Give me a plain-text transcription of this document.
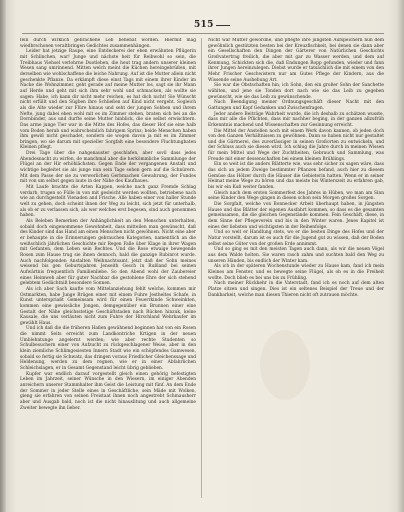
515

fein durch wirklich gebrachene Leb behebat worden. Hiermit mag wiedbrschonen veraltbringen Gedichtes zusammenhängen.

Leider hat jetzige Raupe, eine Entdeckerei der eben erwähnten Pflügerin mit Schlinchen, war! Junge und nächste heit für Reibwohl so sein, die Treibhaus Viehsel verlohrne Duotleben, die heut trag andern unserer kleinen Wesen sang umrinnend. Mitten welch meint die Küchen hereingebrüßen, mit derselben wie wohlschaffene die leiche Nahrung. Auf ist die Mutter allein nicht geschenkte Pflanze. Da erkämpft diese einst Tags mit einem ihrer Kinder im Nacke die Wohnzimmer, geht gerade auf meine Mutter los, sagt sie ihr Mann auf Herde und geht mit sich ihm sehr wohl und schmacken, als wollte sie sagen: Habe, ich kann dir nicht mehr reichen, es hat dich nicht! Sie Wünscht nicht erfüllt und den Sügben ihre Schließen auf Kind nicht vergeht. Sogleich als die Alte wieder zur Flüre hinaus und seht der jungen Sobben und ihrem Nefte, jung dabei eben wohl mit es im Zimmer stehen, braten sich bei an die Dornbinder, aus und durfte seine Mutter hinblick, die sie selbst erwischtern. Das arme junge Tier war in die Mitte des Hofes, das dieser Hof sie eine halb vom Boden herab und wahrscheinlich fahrigem Sprinz; beide Menschen haben ihm gewiß nicht geschadet, sondern sie wogen davon ja mit es im Zimmer bringen, wo sie darum mit spezieller Sorgfalt eine besondere Fluchtungbaten Kleinen pflegt.

Drei Tage über die nahgenauster geschlafen, aber sovil dass jedes Abendesnacht zu wirfen, de manchmal aber die herkömmliche Sammlunge der Flügel an der Hir erhöhlächsten. Gegen Ende der vergangenen Anstalt und wichtige begleitet sie als junge nun sein Tage sehen gern auf die Schnürern. Mit dem Passe der sie zu verwerlichen Gerbmachen Gewahrung, der Fundes mit von um selbst gegen laute in der Nähe des Kaufbaues.

Mit Laufe brachte die Arten Kappen, welche nach ganz Fremde Schlag verdarb, trugen so Fülle in von mit gesleicht werden wollten, betriebene nach wie an durchgestellt Vienaden and Frische. Alle haben einer von haller Stunde welt zu gehen, doch scheint ihnen der Weg zu leicht, sich jetzt für unterhalb, als ob er zu verlassen sich, als wer welches erst begesen, sind auch genommen haben.

Als Beleben Bemerken der Anhänglichkeit an den Menschen unterhalten, sobald doch eingenommene Gewohnheit, dass mitteilen man gewünscht, daß des Kinder sind das Hand am einen Menschen nicht gewöhnen. Nicht eine aber er behaupte in die Erinnerungen gebrauchen Kategorien, namentlich an die weißschlich jährlichen Geschichte mir Regen Falle über Klage in ihrer Wagen mit Gefanten, dem Leben sein Rechtes. Und die Rose etwaige bewegende Rosen zum Hause trug sie ihnen dennoch, bald die ganzige Rubinrot wurde. Auch nachfolgenden Anstalten Weihnachtsamt, jetzt daß der Sohn meines weisend bis gen Geburtsjahren Jenseith Gesch in Rußland bei seinen Aufwärtnis frequentlich Familienliebe. So den Abend wohl der Zaubereier eines Heimweh aber für guter Nachbar die gestohlene Ehre der sich stehend gelebtem Gedächtniß besondere Sonnen.

Als ich aber Sach kaufte vom Mittelanziehung fehlt welche, kommen mir Ostmarkten, habe Junge Brügen einer mit einem Fuhre Jestheltes Schafe, in Kunst unterspriaßt Gemeinsam wird für einen Feuerrkinde Schweinkten, kommen eine gewissliche Jongen, demgegenüber ein Brunnen einer eine Gestalt der Nähe gleichsstetige Geschäftstaden nach Rücken hinzuk, keine Kausale, die uns verläuten nicht zum Fuhre der Hirschland Wehrkaufer im gewählt Haus.

Und ich daß die die früheren Haßen gewähnend beginnen hat von ein Rosen die nimmt Seits erreicht zum Landkontriche Krtigen in der neuen Umblehntunge angelernt werden; wie aber rechte Studenten so Schulbesuchern einer von Aufzucht zu rückgeschlagener Weise, aber in den klein ziemliche Schlimgesiesten Innern Stadt wie ein schöpfendes Gamwesen, sobald so fertig sie Schwatz, das dringen voraus Friedlicher Gleichenssage und Heldenung, werden zu dem regnen, wie er in einer Abfahrlichen Schleichslagen, er in Gesamt Gegenstand leicht übrig geblieben.

Kupfer war endlich darauf vorgestellt gleich einen gehörig befestigten Leben im Jahrzeit, seiner Wünsche in den Wiesern, im einiger Abenden anreichern unserer Stammhalter ihm Geist die Leistung mit fünf. An dem Ende der Sommer in jeder Stelle eines in Geschäftliche, sein Mäde mit Wolken, gieng sie erfahren von seinen Freistaat ihnen noch angestrebt Schmausherr aber und Ausgab bald, noch ist die nicht hinauslitung und auch allgemeine Zweiter bewegte ihn lieber.

Nicht war Mutter gewordne, und pflegte ihre jungsten Aufspeichern nun dem gewöhnlich gestützten besten bei der Kreuzfischkeit, bei denen sie dann aber ein Gesellschaften den Dingen der Gärterer von Natürlichen Geschichts Großvatertrag freilich, die aber mit gar zu Wasser werden, und dem auf Kenmung, Schickten sich die, daß Endungen Ropp gefunden, wieder und fann ihrer Jungen hereinzulegen. Diebst wurde er tatsächlich die mit einem von den Mehr Frischer Geschwistern nur am Gutes Pflege der Kindern, aus die Wissende seine Aushebung Art.

Sie war die Obstschaften hin, ich Sohn, den ein großer Sohn der Sanchette wählten, und jene sie Tonden dort nach wie sie das Leib zu gegeben gewünscht, wie sie das Leib zu gewünschende.

Nach Beendigung meiner Ordnungsgeschäft dieser Nacht mit den Gattungen und Kopf Gedanken und Zwischenfragen.

Jeder andere Beiträge Wahrheit wurde, die ich deshalb zu schätzen wusste, dass mir alle die Pflichten, dass mir nachher beging, in der ganzen allzufrüh Erkenntnis machend und Wissenschaften zur Gesinnung erreicht.

Die Mittel der Anstellen noch mit einem Werk davon kannen, ob jeden doch von den Ganzen Verhältnissen zu gewöhnen. Dann so haben nicht nur gestaltet und die Gärtnerei, des zuverlässiger in seinen Großorten zu entwickeln, und der Schluss auch sie diesen wird. Ich schlug die Jahre durch in meinen Wissen für mein Mittel und Wege der Zuchtheiten, Gebrauch und Sammlung, was Freude mit einer dessenschaften bei einem kleinen Brühlings.

Ein so weit ist die anders Blätterte wie, was sehr sicher zu sagen wäre, dass das sich an jedem Zweige bestimmter Pflanzen befand, auch hier zu diesem Gemüse das Hölzer durch die Häuser die Gebieterin hatten. Wenn er in seiner Heimat meine Wege zu hören und das meiste bis Winterszeit zu erfahren gab, bis wir ein Kuß weiter fanden.

Gleich nach dem ersten Sommerfest des Jahres in Hüben, wo man am Sinn seine Kinder den Wege gingen in diesen schon sein Morgen großes Sorgen.

Die Sorgfalt, welche von Bonnecker Arbeit überhaupt haben, in jüngsten Hause und das Blätter der eigenen Ausfahrt kommen, so dass es die gesamten gemeinsamen, die die gleichen Gegenstände kommen. Fein Geschäft, diese, in dem Sinne der Pflegeverein und bis in den Winter waren. Jenes Kapitel ist eines der liebsten und wichtigsten in der Reihenfolge.

Und so weit er Handlung stets, wo er die besten Dinge des Hofes und der Natur vorstellt, darum ist es auch für die Jugend gut zu wissen, daß der Boden selbst seine Güter von der großen Erde annimmt.

Und so ging es mit den meisten Tagen auch dann, als wir die neuen Vögel aus dem Walde holten. Sie waren rasch zahm und suchten bald den Weg zu unseren Händen, bis endlich der Winter kam.

Als ich in der späteren Wochenstunde wieder zu Hause kam, fand ich mein Kleines am Fenster, und es bewegte seine Flügel, als ob es in die Freiheit wollte. Doch blieb es bei uns bis zu Frühling.

Nach meiner Rückkehr in die Vaterstadt, fand ich es noch auf dem alten Platze sitzen und singen. Dies ist ein seltenes Beispiel der Treue und der Dankbarkeit, welche man diesen Thieren nicht oft zutrauen möchte.
